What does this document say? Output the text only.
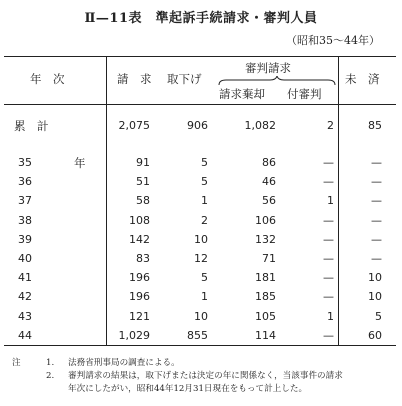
Ⅱ—11表　準起訴手続請求・審判人員
（昭和35～44年）
年　次	請　求 取下げ
審判請求
請求棄却 付審判
未　済
累　計	2,075	906	1,082	2	85
年
35	91	5	86	—	—
36	51	5	46	—	—
37	58	1	56	1	—
38	108	2	106	—	—
39	142	10	132	—	—
40	83	12	71	—	—
41	196	5	181	—	10
42	196	1	185	—	10
43	121	10	105	1	5
44	1,029	855	114	—	60
注	1. 法務省刑事局の調査による。
2. 審判請求の結果は，取下げまたは決定の年に関係なく，当該事件の請求
年次にしたがい，昭和44年12月31日現在をもって計上した。
